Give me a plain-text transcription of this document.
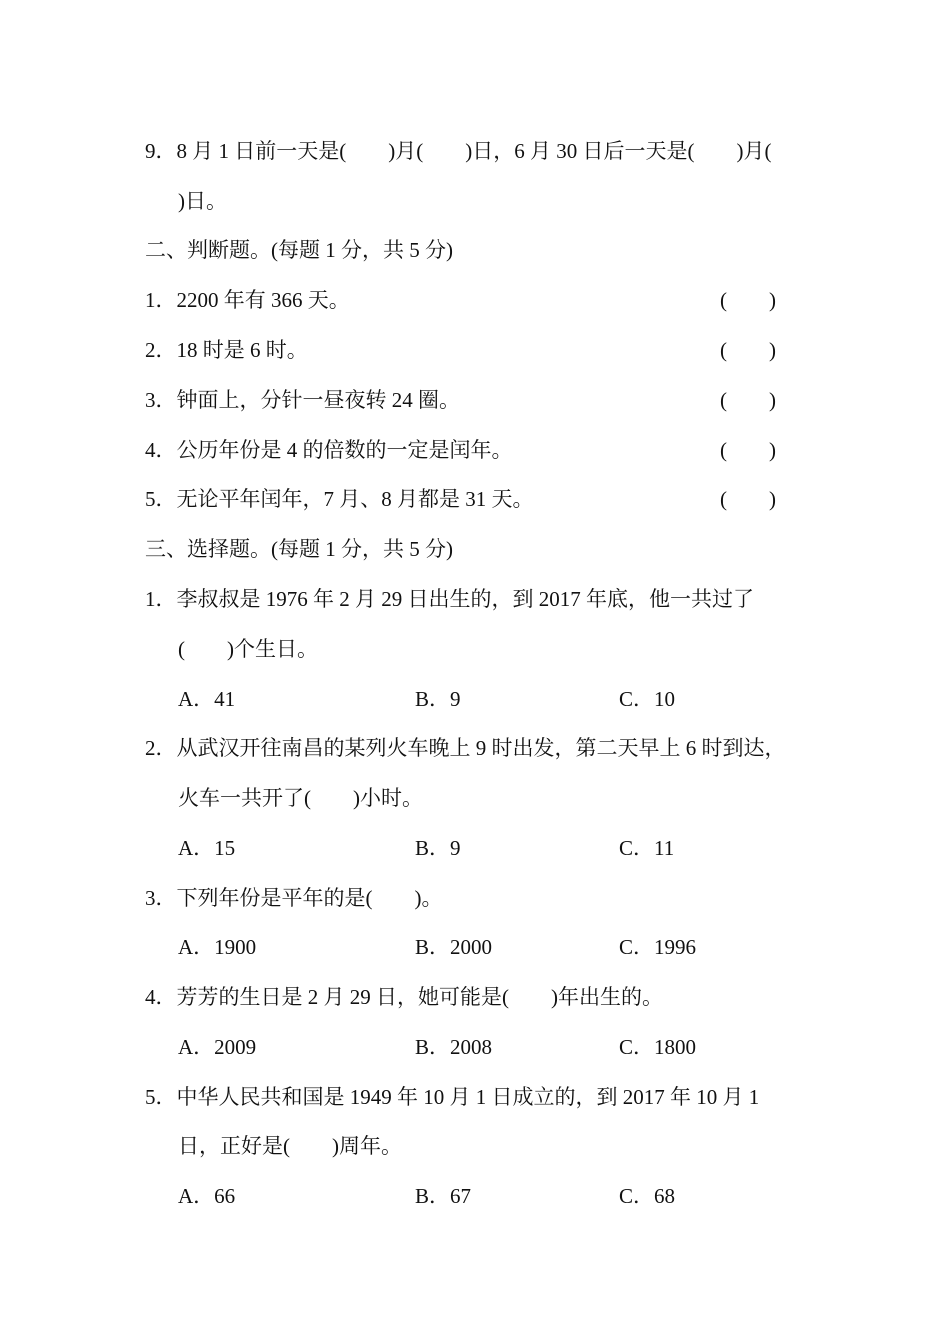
9．8 月 1 日前一天是(　　)月(　　)日，6 月 30 日后一天是(　　)月(
)日。
二、判断题。(每题 1 分，共 5 分)
1．2200 年有 366 天。	(　　)
2．18 时是 6 时。	(　　)
3．钟面上，分针一昼夜转 24 圈。	(　　)
4．公历年份是 4 的倍数的一定是闰年。	(　　)
5．无论平年闰年，7 月、8 月都是 31 天。	(　　)
三、选择题。(每题 1 分，共 5 分)
1．李叔叔是 1976 年 2 月 29 日出生的，到 2017 年底，他一共过了
(　　)个生日。
A．41	B．9	C．10
2．从武汉开往南昌的某列火车晚上 9 时出发，第二天早上 6 时到达，
火车一共开了(　　)小时。
A．15	B．9	C．11
3．下列年份是平年的是(　　)。
A．1900	B．2000	C．1996
4．芳芳的生日是 2 月 29 日，她可能是(　　)年出生的。
A．2009	B．2008	C．1800
5．中华人民共和国是 1949 年 10 月 1 日成立的，到 2017 年 10 月 1
日，正好是(　　)周年。
A．66	B．67	C．68
